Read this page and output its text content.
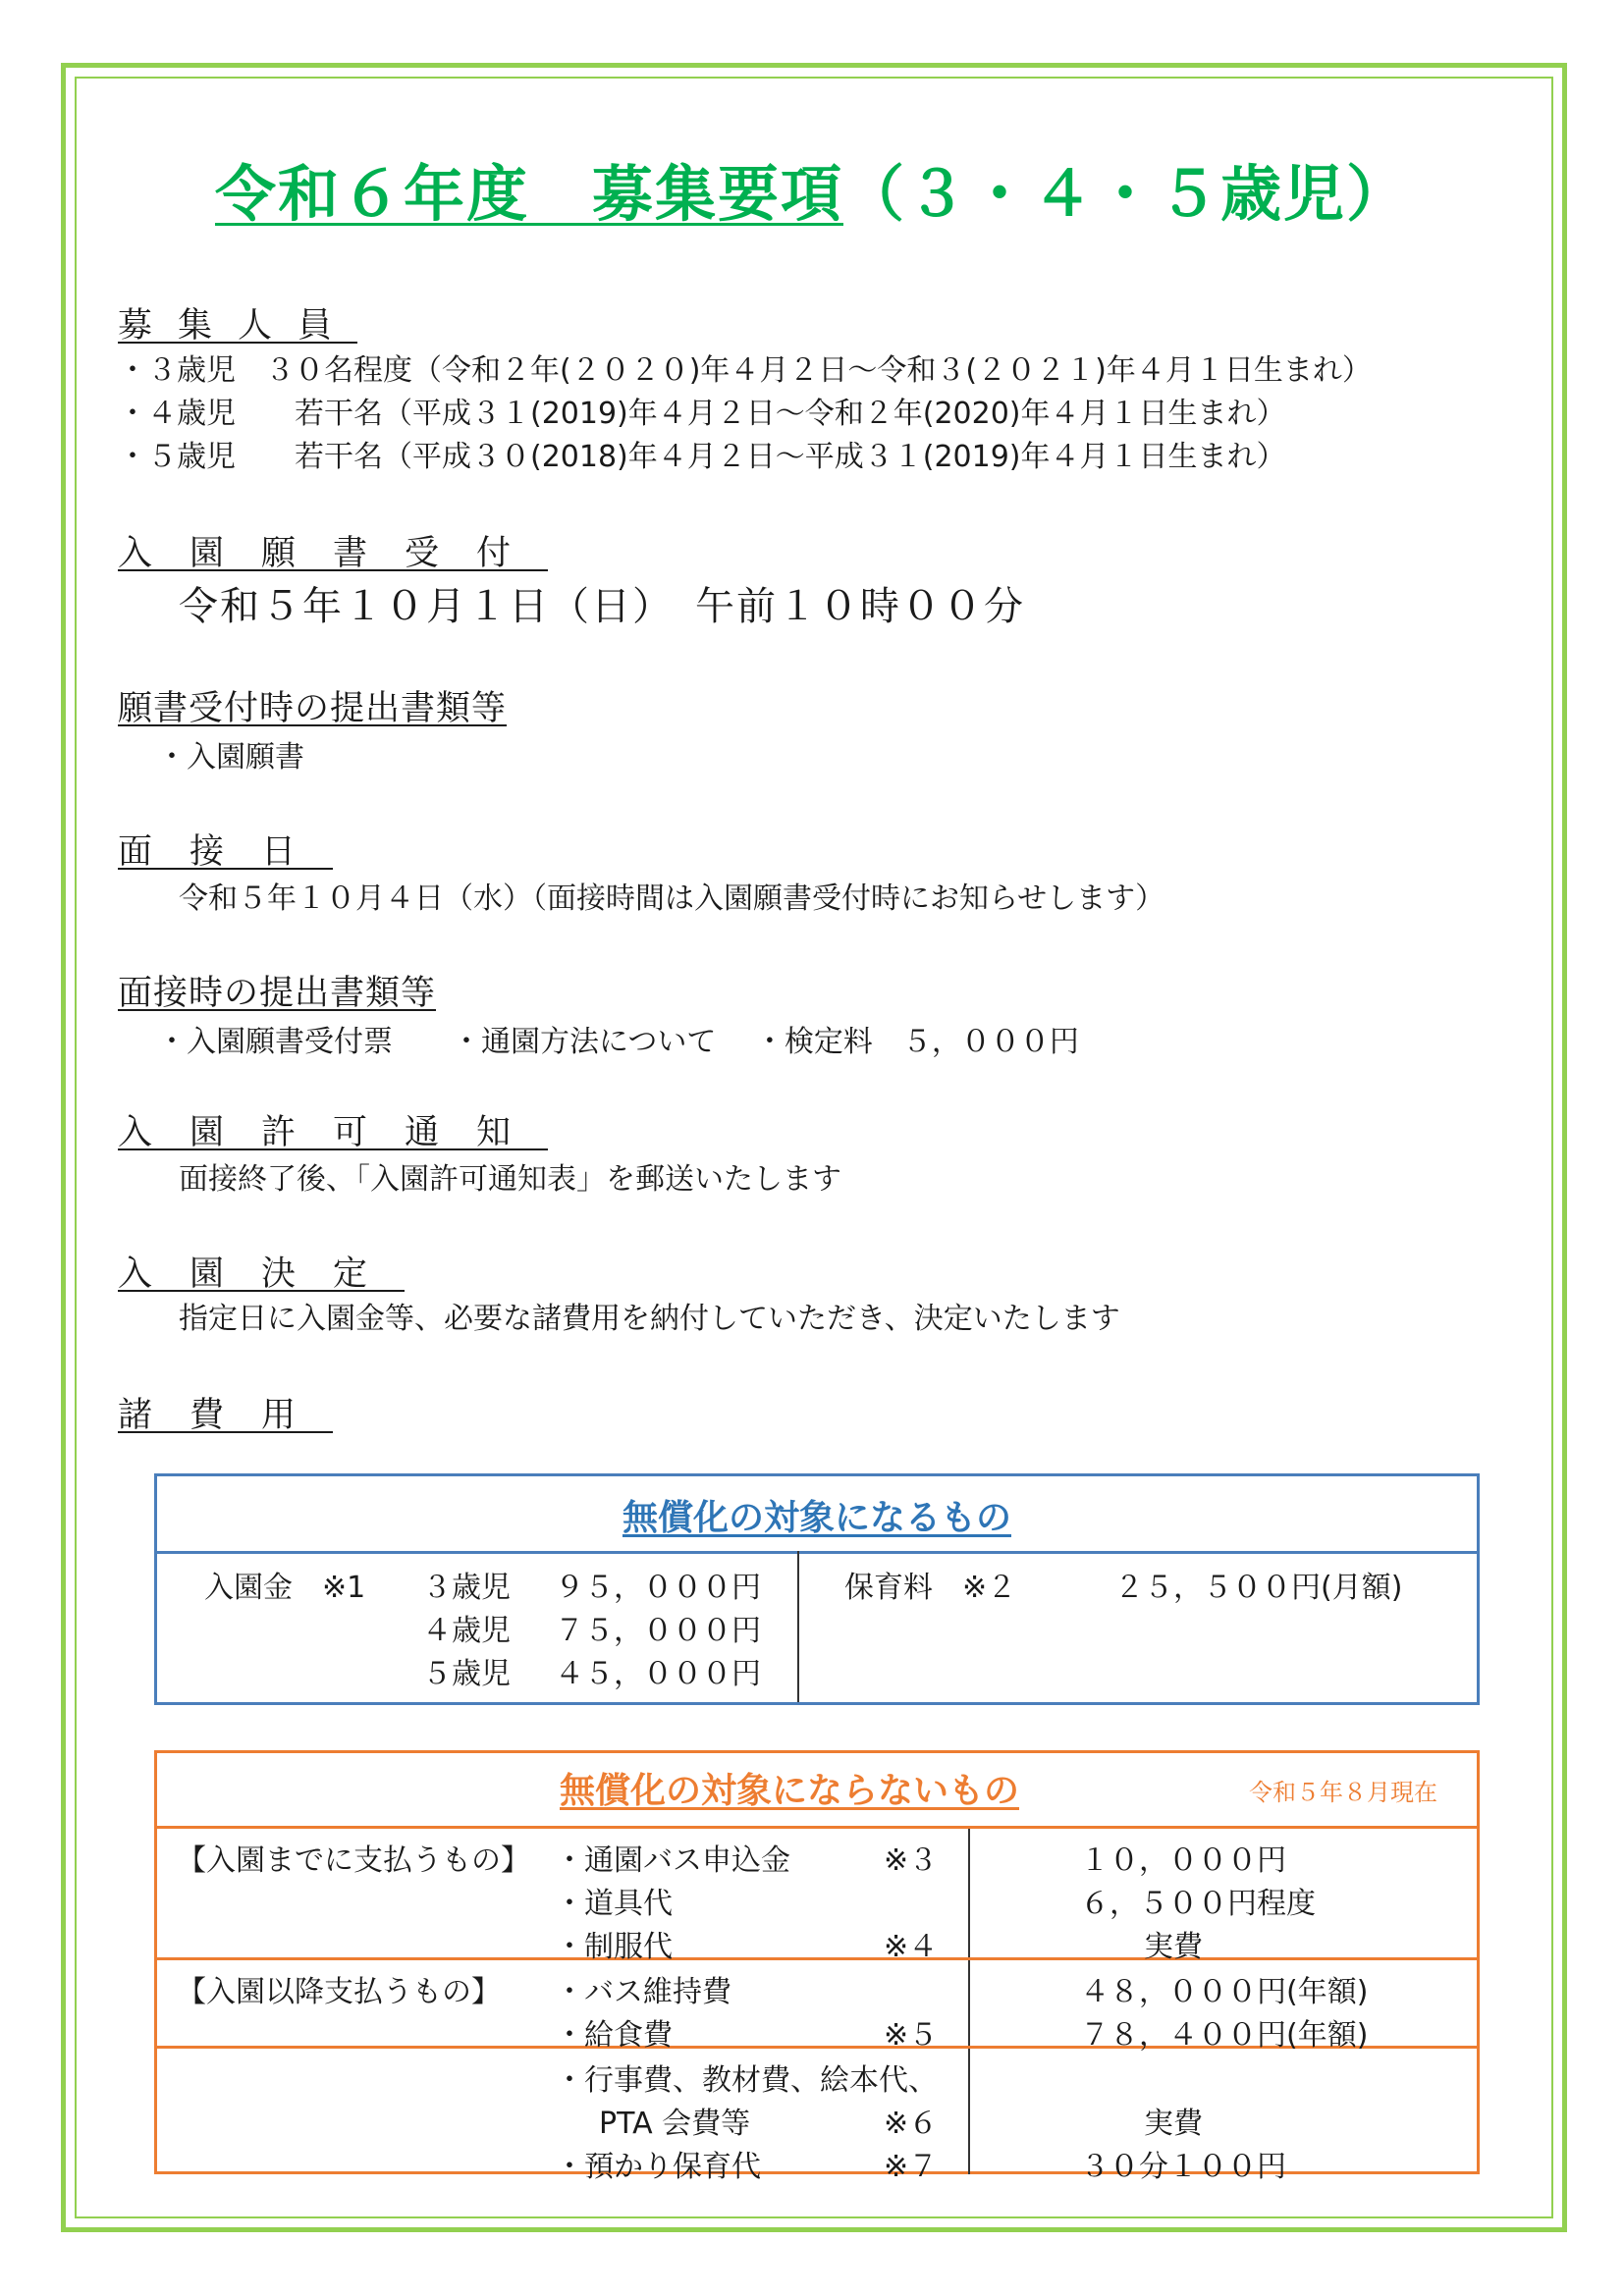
令和６年度　募集要項（３・４・５歳児）
募集人員
・３歳児　３０名程度（令和２年(２０２０)年４月２日～令和３(２０２１)年４月１日生まれ）
・４歳児　　若干名（平成３１(2019)年４月２日～令和２年(2020)年４月１日生まれ）
・５歳児　　若干名（平成３０(2018)年４月２日～平成３１(2019)年４月１日生まれ）
入園願書受付
令和５年１０月１日（日）　午前１０時００分
願書受付時の提出書類等
・入園願書
面接日
令和５年１０月４日（水）（面接時間は入園願書受付時にお知らせします）
面接時の提出書類等
・入園願書受付票　　・通園方法について　 ・検定料　５，０００円
入園許可通知
面接終了後、「入園許可通知表」を郵送いたします
入園決定
指定日に入園金等、必要な諸費用を納付していただき、決定いたします
諸費用
無償化の対象になるもの
入園金　※1 ３歳児 ９５，０００円
４歳児 ７５，０００円
５歳児 ４５，０００円
保育料　※２	２５，５００円(月額)
無償化の対象にならないもの	令和５年８月現在
【入園までに支払うもの】 ・通園バス申込金	※３	１０，０００円
・道具代	６，５００円程度
・制服代	※４	実費
【入園以降支払うもの】 ・バス維持費	４８，０００円(年額)
・給食費	※５	７８，４００円(年額)
・行事費、教材費、絵本代、
PTA 会費等	※６	実費
・預かり保育代	※７	３０分１００円
